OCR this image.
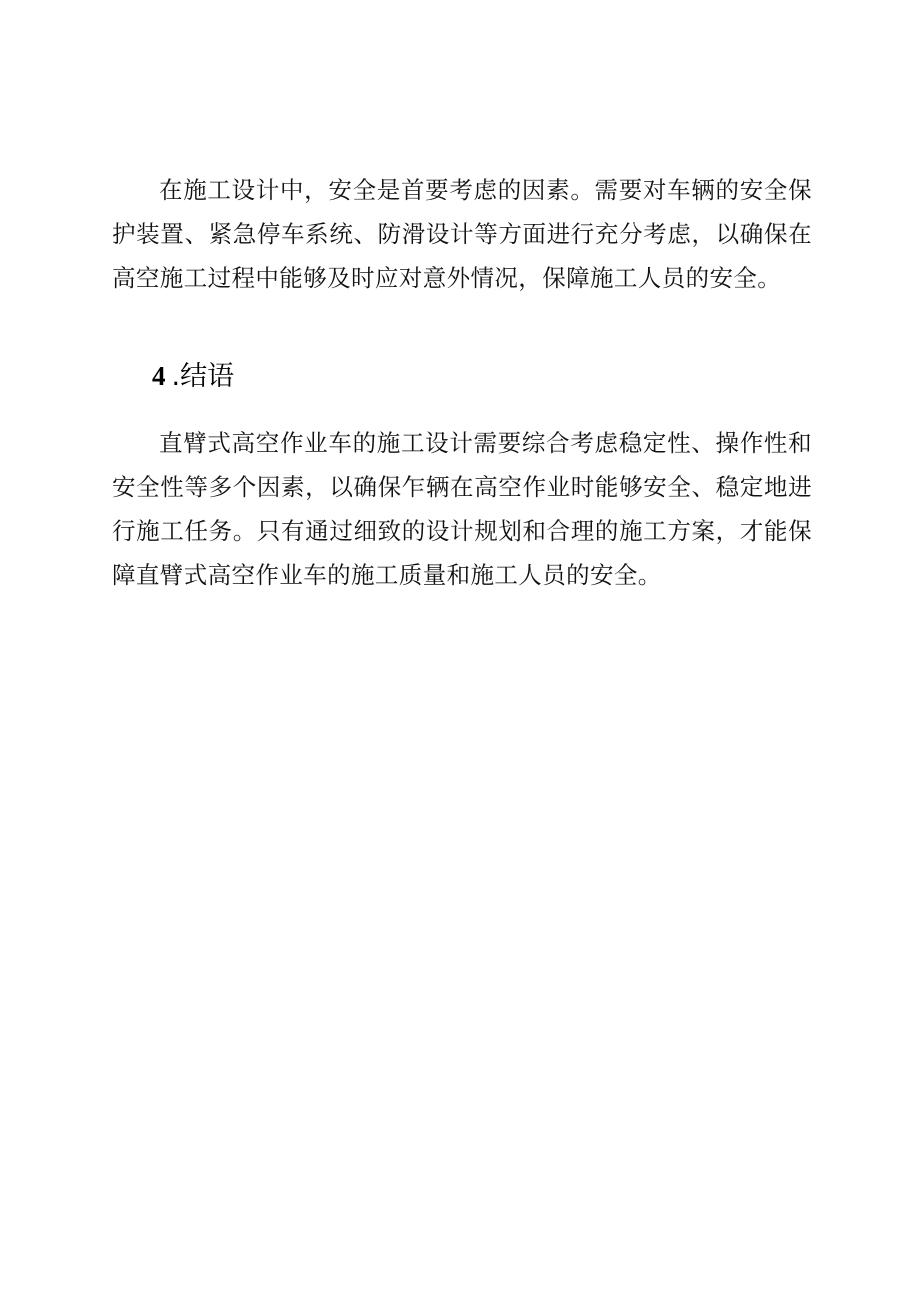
在施工设计中，安全是首要考虑的因素。需要对车辆的安全保护装置、紧急停车系统、防滑设计等方面进行充分考虑，以确保在高空施工过程中能够及时应对意外情况，保障施工人员的安全。

4 .结语

直臂式高空作业车的施工设计需要综合考虑稳定性、操作性和安全性等多个因素，以确保乍辆在高空作业时能够安全、稳定地进行施工任务。只有通过细致的设计规划和合理的施工方案，才能保障直臂式高空作业车的施工质量和施工人员的安全。
